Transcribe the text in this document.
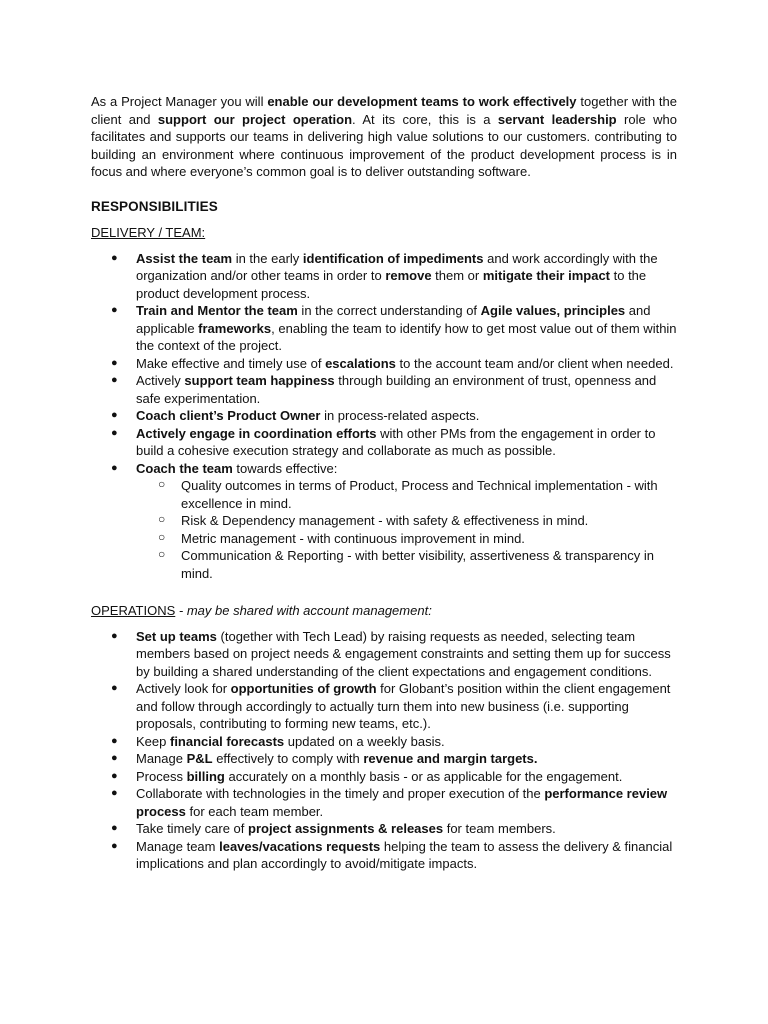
As a Project Manager you will enable our development teams to work effectively together with the client and support our project operation. At its core, this is a servant leadership role who facilitates and supports our teams in delivering high value solutions to our customers. contributing to building an environment where continuous improvement of the product development process is in focus and where everyone’s common goal is to deliver outstanding software.

RESPONSIBILITIES
DELIVERY / TEAM:
● Assist the team in the early identification of impediments and work accordingly with the organization and/or other teams in order to remove them or mitigate their impact to the product development process.
● Train and Mentor the team in the correct understanding of Agile values, principles and applicable frameworks, enabling the team to identify how to get most value out of them within the context of the project.
● Make effective and timely use of escalations to the account team and/or client when needed.
● Actively support team happiness through building an environment of trust, openness and safe experimentation.
● Coach client’s Product Owner in process-related aspects.
● Actively engage in coordination efforts with other PMs from the engagement in order to build a cohesive execution strategy and collaborate as much as possible.
● Coach the team towards effective:
○ Quality outcomes in terms of Product, Process and Technical implementation - with excellence in mind.
○ Risk & Dependency management - with safety & effectiveness in mind.
○ Metric management - with continuous improvement in mind.
○ Communication & Reporting - with better visibility, assertiveness & transparency in mind.
OPERATIONS - may be shared with account management:
● Set up teams (together with Tech Lead) by raising requests as needed, selecting team members based on project needs & engagement constraints and setting them up for success by building a shared understanding of the client expectations and engagement conditions.
● Actively look for opportunities of growth for Globant’s position within the client engagement and follow through accordingly to actually turn them into new business (i.e. supporting proposals, contributing to forming new teams, etc.).
● Keep financial forecasts updated on a weekly basis.
● Manage P&L effectively to comply with revenue and margin targets.
● Process billing accurately on a monthly basis - or as applicable for the engagement.
● Collaborate with technologies in the timely and proper execution of the performance review process for each team member.
● Take timely care of project assignments & releases for team members.
● Manage team leaves/vacations requests helping the team to assess the delivery & financial implications and plan accordingly to avoid/mitigate impacts.
